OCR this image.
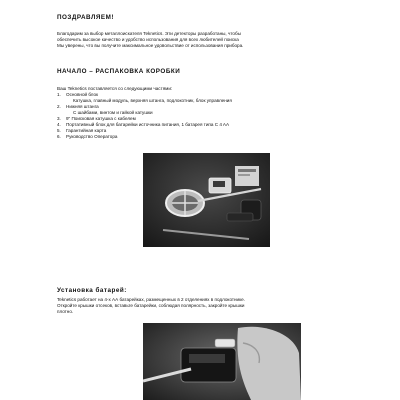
ПОЗДРАВЛЯЕМ!
Благодарим за выбор металлоискателя Teknetics. Эти детекторы разработаны, чтобы
обеспечить высокое качество и удобство использования для всех любителей поиска
Мы уверены, что вы получите максимальное удовольствие от использования прибора.
НАЧАЛО – РАСПАКОВКА КОРОБКИ
Ваш Teknetics поставляется со следующими частями:
1. Основной блок
Катушка, главный модуль, верхняя штанга, подлокотник, блок управления
2. Нижняя штанга
С шайбами, винтом и гайкой катушки
3. 9" Поисковая катушка с кабелем
4. Портативный блок для батарейки источника питания, 1 батарея типа C 4 AA
5. Гарантийная карта
6. Руководство Оператора
Установка батарей:
Teknetics работает на 4-х АА батарейках, размещенных в 2 отделениях в подлокотнике.
Откройте крышки отсеков, вставьте батарейки, соблюдая полярность, закройте крышки
плотно.
